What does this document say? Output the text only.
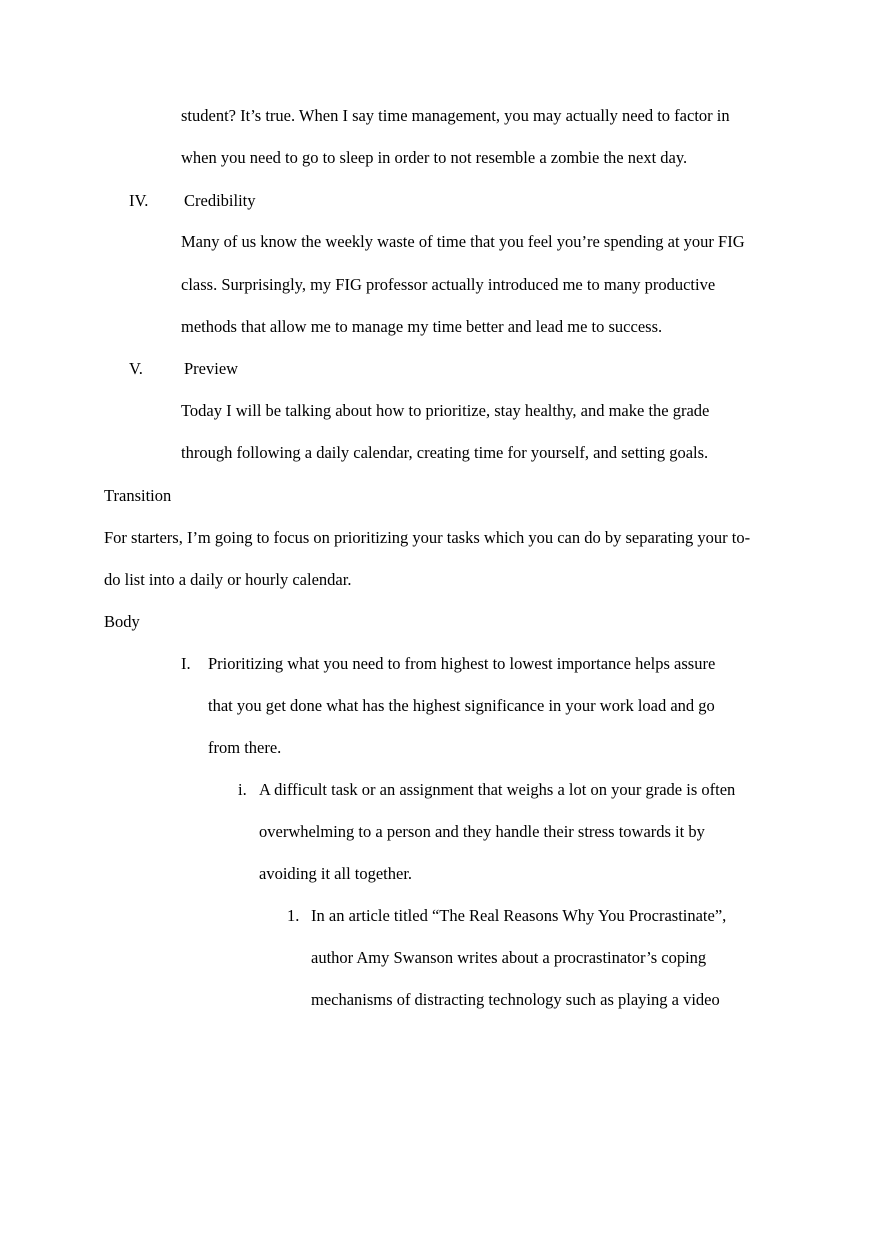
student? It’s true. When I say time management, you may actually need to factor in
when you need to go to sleep in order to not resemble a zombie the next day.
IV. Credibility
Many of us know the weekly waste of time that you feel you’re spending at your FIG
class. Surprisingly, my FIG professor actually introduced me to many productive
methods that allow me to manage my time better and lead me to success.
V. Preview
Today I will be talking about how to prioritize, stay healthy, and make the grade
through following a daily calendar, creating time for yourself, and setting goals.
Transition
For starters, I’m going to focus on prioritizing your tasks which you can do by separating your to-
do list into a daily or hourly calendar.
Body
I. Prioritizing what you need to from highest to lowest importance helps assure
that you get done what has the highest significance in your work load and go
from there.
i. A difficult task or an assignment that weighs a lot on your grade is often
overwhelming to a person and they handle their stress towards it by
avoiding it all together.
1. In an article titled “The Real Reasons Why You Procrastinate”,
author Amy Swanson writes about a procrastinator’s coping
mechanisms of distracting technology such as playing a video
